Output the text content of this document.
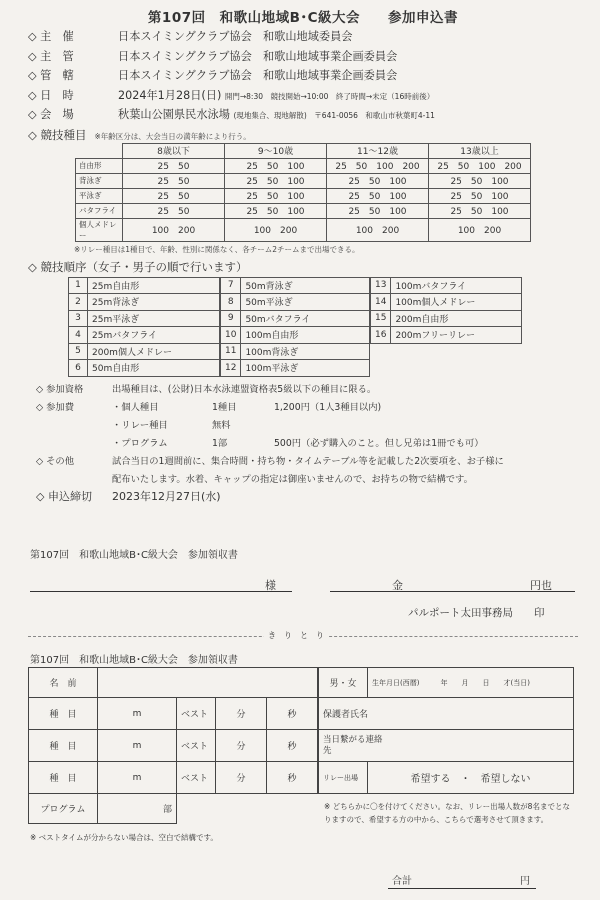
第107回　和歌山地域B･C級大会　　参加申込書
◇ 主　催	日本スイミングクラブ協会　和歌山地域委員会
◇ 主　管	日本スイミングクラブ協会　和歌山地域事業企画委員会
◇ 管　轄	日本スイミングクラブ協会　和歌山地域事業企画委員会
◇ 日　時	2024年1月28日(日) 開門→8:30　競技開始→10:00　終了時間→未定（16時前後）
◇ 会　場	秋葉山公園県民水泳場 (現地集合、現地解散)　〒641-0056　和歌山市秋葉町4-11
◇ 競技種目 ※年齢区分は、大会当日の満年齢により行う。
	8歳以下	9～10歳	11～12歳	13歳以上
自由形	25　50	25　50　100	25　50　100　200	25　50　100　200
背泳ぎ	25　50	25　50　100	25　50　100	25　50　100
平泳ぎ	25　50	25　50　100	25　50　100	25　50　100
バタフライ	25　50	25　50　100	25　50　100	25　50　100
個人メドレー	100　200	100　200	100　200	100　200
※リレー種目は1種目で、年齢、性別に関係なく、各チーム2チームまで出場できる。
◇ 競技順序（女子・男子の順で行います）
1	25m自由形
2	25m背泳ぎ
3	25m平泳ぎ
4	25mバタフライ
5	200m個人メドレー
6	50m自由形
7	50m背泳ぎ
8	50m平泳ぎ
9	50mバタフライ
10	100m自由形
11	100m背泳ぎ
12	100m平泳ぎ
13	100mバタフライ
14	100m個人メドレー
15	200m自由形
16	200mフリーリレー
◇ 参加資格	出場種目は、(公財)日本水泳連盟資格表5級以下の種目に限る。
◇ 参加費	・個人種目	1種目	1,200円（1人3種目以内)
・リレー種目	無料
・プログラム	1部	500円（必ず購入のこと。但し兄弟は1冊でも可）
◇ その他	試合当日の1週間前に、集合時間・持ち物・タイムテーブル等を記載した2次要項を、お子様に
配布いたします。水着、キャップの指定は御座いませんので、お持ちの物で結構です。
◇ 申込締切	2023年12月27日(水)
第107回　和歌山地域B･C級大会　参加領収書
様	金	円也
パルポート太田事務局　　印
き　り　と　り
第107回　和歌山地域B･C級大会　参加領収書
名　前				
種　目	m	ベスト	分	秒
種　目	m	ベスト	分	秒
種　目	m	ベスト	分	秒
プログラム	部			
男・女	生年月日(西暦)　　　年　　月　　日　　才(当日)
保護者氏名	
当日繋がる連絡先	
リレー出場	希望する　・　希望しない
※ どちらかに〇を付けてください。なお、リレー出場人数が8名までとなりますので、希望する方の中から、こちらで選考させて頂きます。
※ ベストタイムが分からない場合は、空白で結構です。
合計	円
